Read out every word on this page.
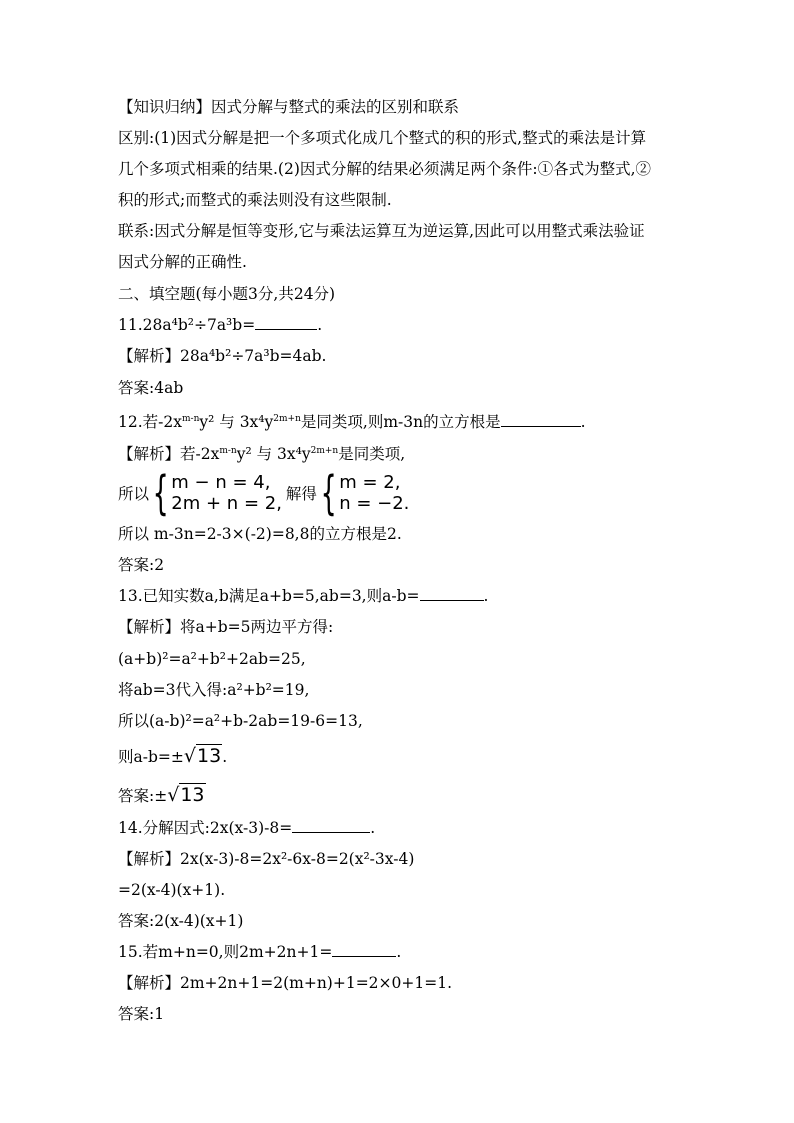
【知识归纳】因式分解与整式的乘法的区别和联系
区别:(1)因式分解是把一个多项式化成几个整式的积的形式,整式的乘法是计算
几个多项式相乘的结果.(2)因式分解的结果必须满足两个条件:①各式为整式,②
积的形式;而整式的乘法则没有这些限制.
联系:因式分解是恒等变形,它与乘法运算互为逆运算,因此可以用整式乘法验证
因式分解的正确性.
二、填空题(每小题3分,共24分)
11.28a⁴b²÷7a³b=	.
【解析】28a⁴b²÷7a³b=4ab.
答案:4ab
12.若$-2x^{m-n}y^2$ 与 $3x^4y^{2m+n}$是同类项,则m-3n的立方根是	.
【解析】若$-2x^{m-n}y^2$ 与 $3x^4y^{2m+n}$是同类项,
所以 { m − n = 4,
2m + n = 2, 解得 { m = 2,
n = −2.
所以 m-3n=2-3×(-2)=8,8的立方根是2.
答案:2
13.已知实数a,b满足a+b=5,ab=3,则a-b=	.
【解析】将a+b=5两边平方得:
(a+b)²=a²+b²+2ab=25,
将ab=3代入得:a²+b²=19,
所以(a-b)²=a²+b-2ab=19-6=13,
则a-b=±√13.
答案:±√13
14.分解因式:2x(x-3)-8=	.
【解析】2x(x-3)-8=2x²-6x-8=2(x²-3x-4)
=2(x-4)(x+1).
答案:2(x-4)(x+1)
15.若m+n=0,则2m+2n+1=	.
【解析】2m+2n+1=2(m+n)+1=2×0+1=1.
答案:1
